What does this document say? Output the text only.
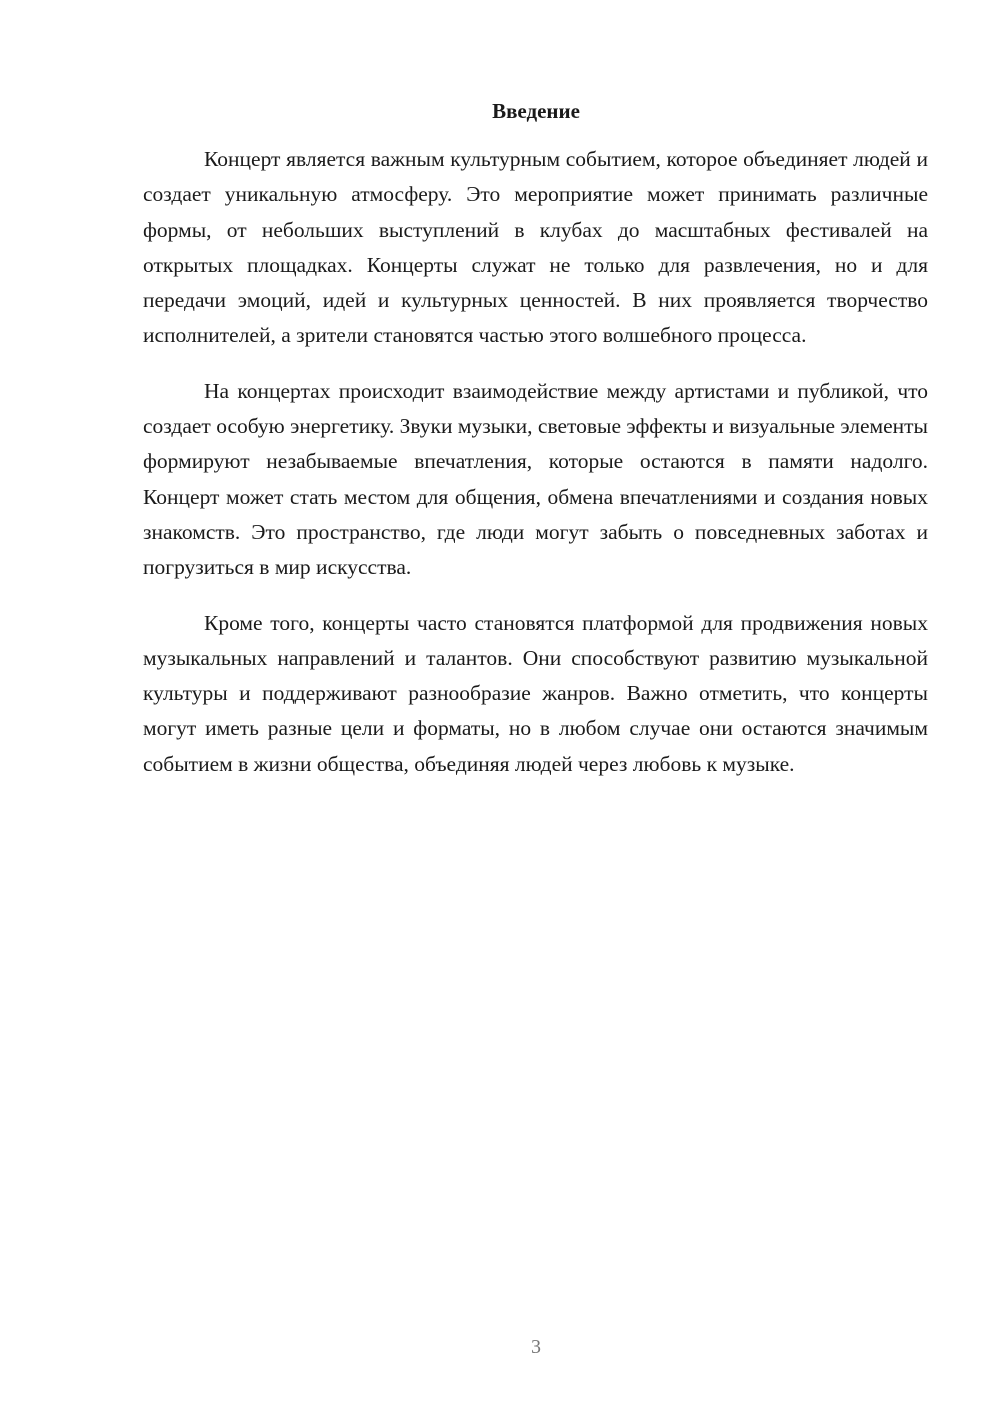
Введение

Концерт является важным культурным событием, которое объединяет людей и создает уникальную атмосферу. Это мероприятие может принимать различные формы, от небольших выступлений в клубах до масштабных фестивалей на открытых площадках. Концерты служат не только для развлечения, но и для передачи эмоций, идей и культурных ценностей. В них проявляется творчество исполнителей, а зрители становятся частью этого волшебного процесса.

На концертах происходит взаимодействие между артистами и публикой, что создает особую энергетику. Звуки музыки, световые эффекты и визуальные элементы формируют незабываемые впечатления, которые остаются в памяти надолго. Концерт может стать местом для общения, обмена впечатлениями и создания новых знакомств. Это пространство, где люди могут забыть о повседневных заботах и погрузиться в мир искусства.

Кроме того, концерты часто становятся платформой для продвижения новых музыкальных направлений и талантов. Они способствуют развитию музыкальной культуры и поддерживают разнообразие жанров. Важно отметить, что концерты могут иметь разные цели и форматы, но в любом случае они остаются значимым событием в жизни общества, объединяя людей через любовь к музыке.

3
